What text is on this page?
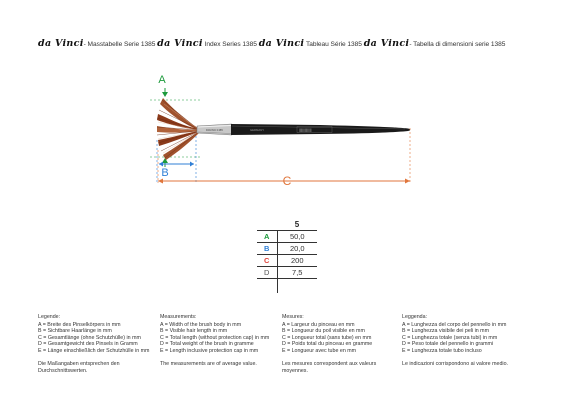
da Vinci- Masstabelle Serie 1385 da Vinci Index Series 1385 da Vinci Tableau Série 1385 da Vinci- Tabella di dimensioni serie 1385
A
DAVINCI 1385	|||||||||||||||
GERMANY
B
C
	5
A	50,0
B	20,0
C	200
D	7,5

Legende:
A = Breite des Pinselkörpers in mm
B = Sichtbare Haarlänge in mm
C = Gesamtlänge (ohne Schutzhülle) in mm
D = Gesamtgewicht des Pinsels in Gramm
E = Länge einschließlich der Schutzhülle in mm
Die Maßangaben entsprechen den Durchschnittswerten.
Measurements:
A = Width of the brush body in mm
B = Visible hair length in mm
C = Total length (without protection cap) in mm
D = Total weight of the brush in gramme
E = Length inclusive protection cap in mm
The measurements are of average value.
Mesures:
A = Largeur du pinceau en mm
B = Longueur du poil visible en mm
C = Longueur total (sans tube) en mm
D = Poids total du pinceau en gramme
E = Longueur avec tube en mm
Les mesures correspondent aux valeurs moyennes.
Leggenda:
A = Lunghezza del corpo del pennello in mm
B = Lunghezza visibile dei peli in mm
C = Lunghezza totale (senza tubi) in mm
D = Peso totale del pennello in grammi
E = Lunghezza totale tubo incluso
Le indicazioni corrispondono ai valore medio.
